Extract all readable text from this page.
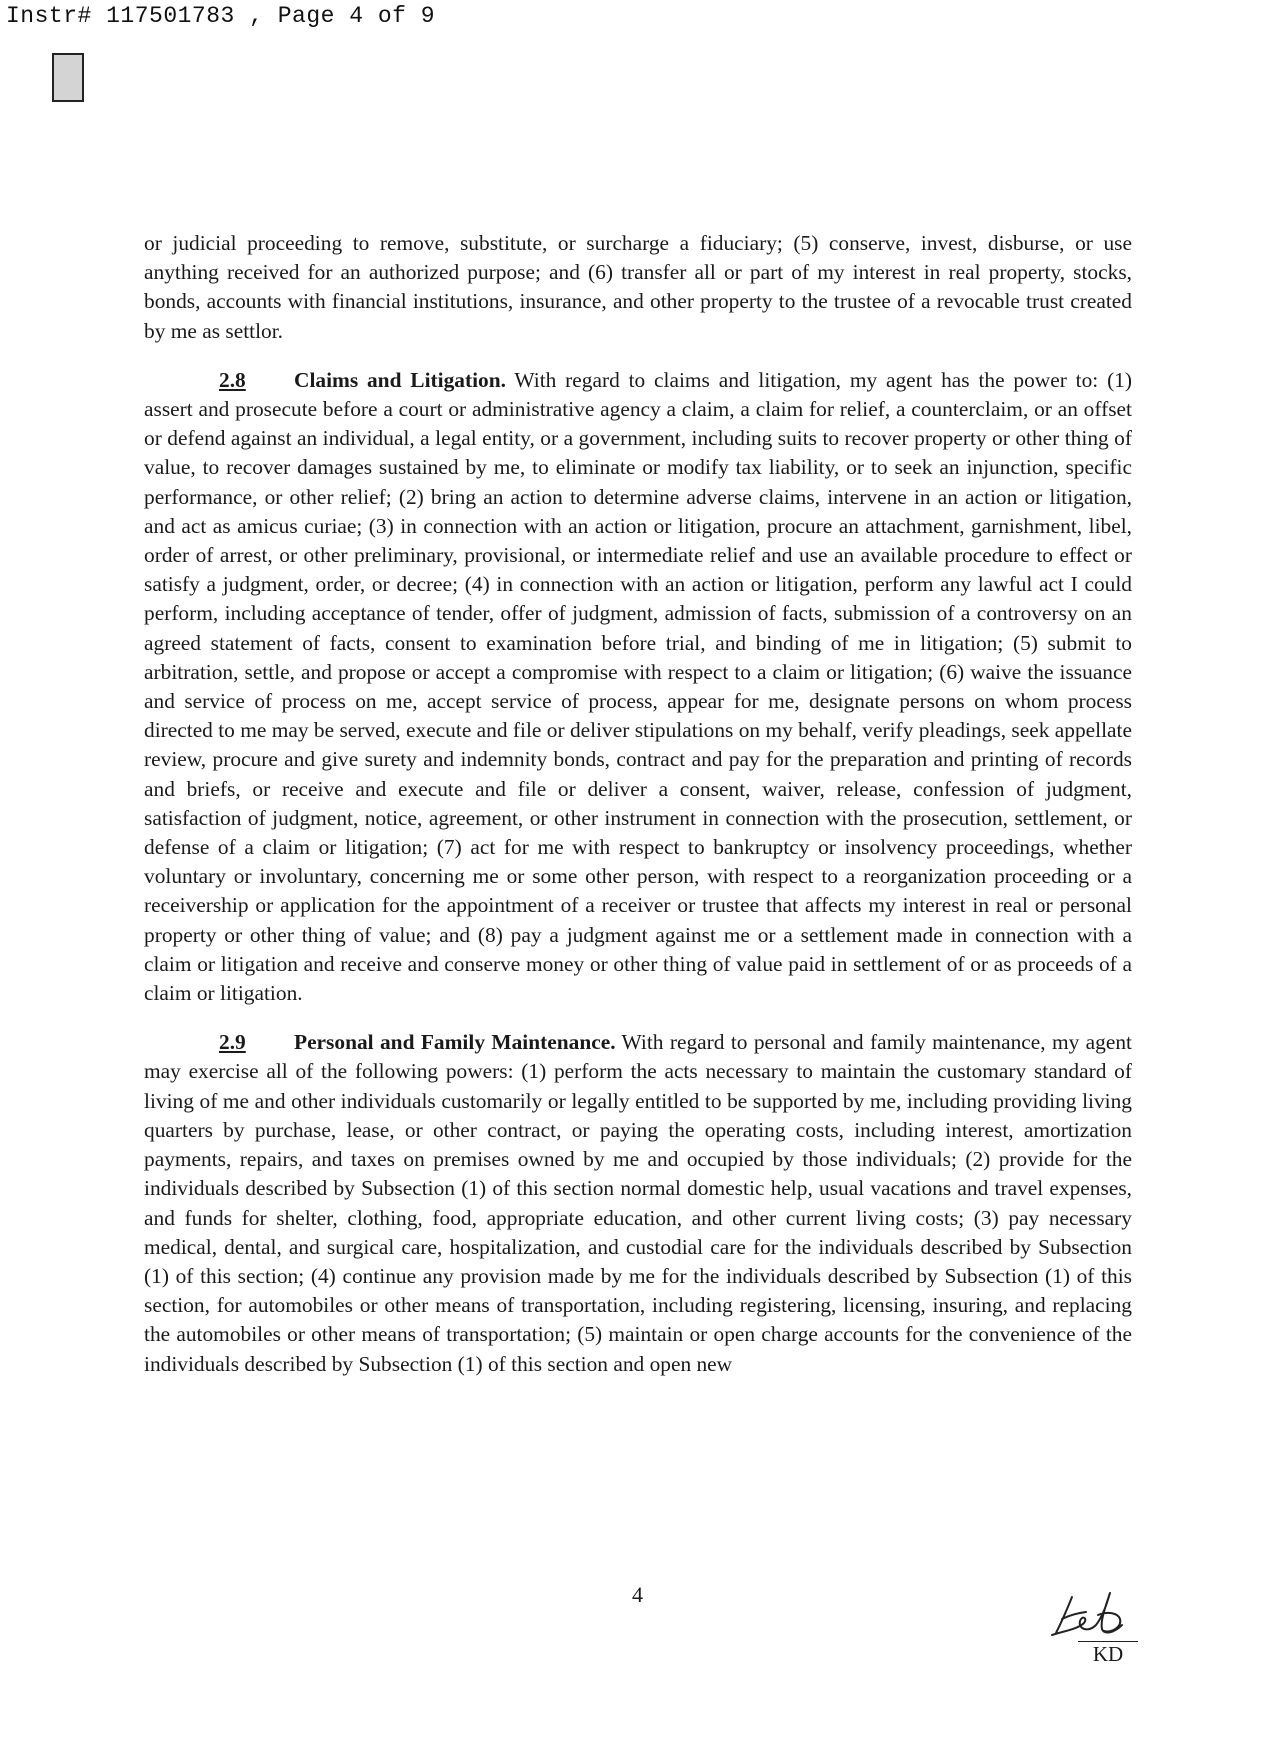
Instr# 117501783 , Page 4 of 9

or judicial proceeding to remove, substitute, or surcharge a fiduciary; (5) conserve, invest, disburse, or use anything received for an authorized purpose; and (6) transfer all or part of my interest in real property, stocks, bonds, accounts with financial institutions, insurance, and other property to the trustee of a revocable trust created by me as settlor.

2.8 Claims and Litigation. With regard to claims and litigation, my agent has the power to: (1) assert and prosecute before a court or administrative agency a claim, a claim for relief, a counterclaim, or an offset or defend against an individual, a legal entity, or a government, including suits to recover property or other thing of value, to recover damages sustained by me, to eliminate or modify tax liability, or to seek an injunction, specific performance, or other relief; (2) bring an action to determine adverse claims, intervene in an action or litigation, and act as amicus curiae; (3) in connection with an action or litigation, procure an attachment, garnishment, libel, order of arrest, or other preliminary, provisional, or intermediate relief and use an available procedure to effect or satisfy a judgment, order, or decree; (4) in connection with an action or litigation, perform any lawful act I could perform, including acceptance of tender, offer of judgment, admission of facts, submission of a controversy on an agreed statement of facts, consent to examination before trial, and binding of me in litigation; (5) submit to arbitration, settle, and propose or accept a compromise with respect to a claim or litigation; (6) waive the issuance and service of process on me, accept service of process, appear for me, designate persons on whom process directed to me may be served, execute and file or deliver stipulations on my behalf, verify pleadings, seek appellate review, procure and give surety and indemnity bonds, contract and pay for the preparation and printing of records and briefs, or receive and execute and file or deliver a consent, waiver, release, confession of judgment, satisfaction of judgment, notice, agreement, or other instrument in connection with the prosecution, settlement, or defense of a claim or litigation; (7) act for me with respect to bankruptcy or insolvency proceedings, whether voluntary or involuntary, concerning me or some other person, with respect to a reorganization proceeding or a receivership or application for the appointment of a receiver or trustee that affects my interest in real or personal property or other thing of value; and (8) pay a judgment against me or a settlement made in connection with a claim or litigation and receive and conserve money or other thing of value paid in settlement of or as proceeds of a claim or litigation.

2.9 Personal and Family Maintenance. With regard to personal and family maintenance, my agent may exercise all of the following powers: (1) perform the acts necessary to maintain the customary standard of living of me and other individuals customarily or legally entitled to be supported by me, including providing living quarters by purchase, lease, or other contract, or paying the operating costs, including interest, amortization payments, repairs, and taxes on premises owned by me and occupied by those individuals; (2) provide for the individuals described by Subsection (1) of this section normal domestic help, usual vacations and travel expenses, and funds for shelter, clothing, food, appropriate education, and other current living costs; (3) pay necessary medical, dental, and surgical care, hospitalization, and custodial care for the individuals described by Subsection (1) of this section; (4) continue any provision made by me for the individuals described by Subsection (1) of this section, for automobiles or other means of transportation, including registering, licensing, insuring, and replacing the automobiles or other means of transportation; (5) maintain or open charge accounts for the convenience of the individuals described by Subsection (1) of this section and open new

4
KD
